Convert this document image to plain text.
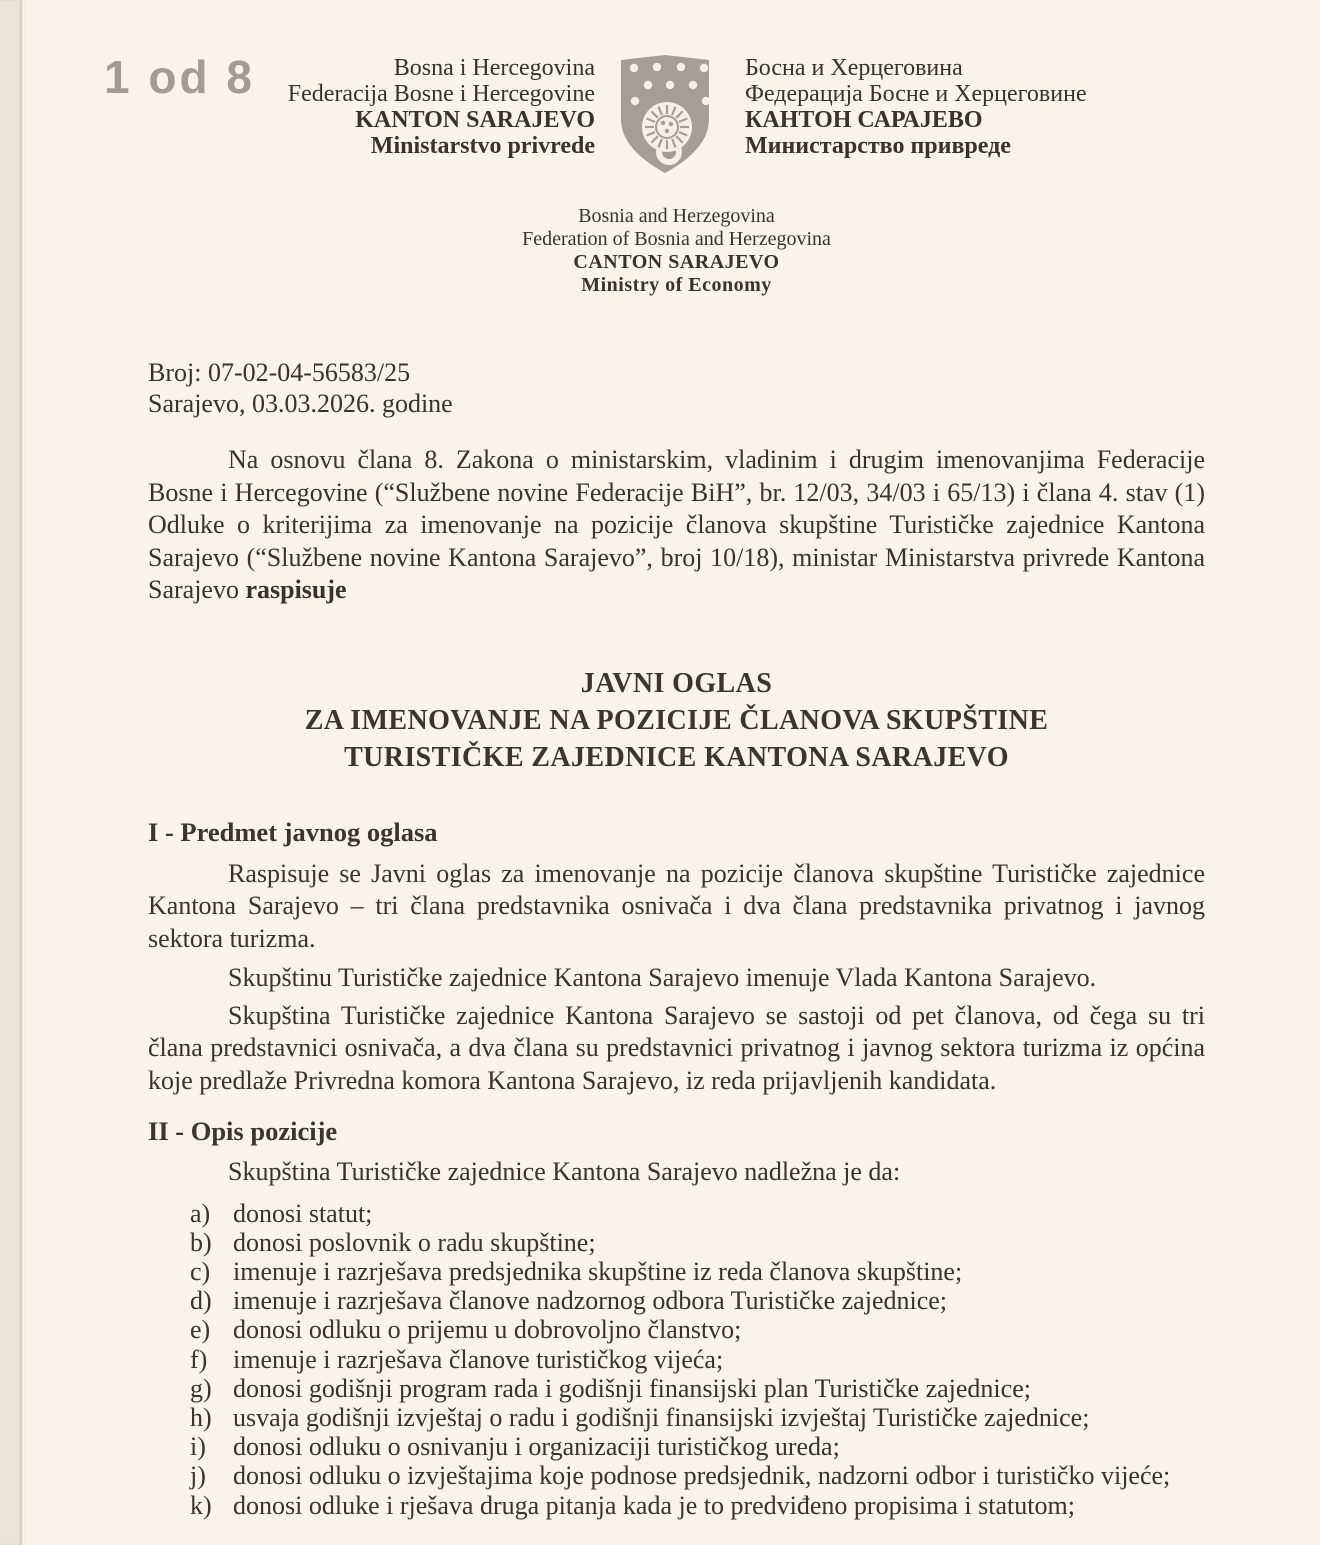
1 od 8	Bosna i Hercegovina
Federacija Bosne i Hercegovine
KANTON SARAJEVO
Ministarstvo privrede
Босна и Херцеговина
Федерација Босне и Херцеговине
КАНТОН САРАЈЕВО
Министарство привреде
Bosnia and Herzegovina
Federation of Bosnia and Herzegovina
CANTON SARAJEVO
Ministry of Economy
Broj: 07-02-04-56583/25
Sarajevo, 03.03.2026. godine

Na osnovu člana 8. Zakona o ministarskim, vladinim i drugim imenovanjima Federacije Bosne i Hercegovine (“Službene novine Federacije BiH”, br. 12/03, 34/03 i 65/13) i člana 4. stav (1) Odluke o kriterijima za imenovanje na pozicije članova skupštine Turističke zajednice Kantona Sarajevo (“Službene novine Kantona Sarajevo”, broj 10/18), ministar Ministarstva privrede Kantona Sarajevo raspisuje

JAVNI OGLAS
ZA IMENOVANJE NA POZICIJE ČLANOVA SKUPŠTINE
TURISTIČKE ZAJEDNICE KANTONA SARAJEVO
I - Predmet javnog oglasa

Raspisuje se Javni oglas za imenovanje na pozicije članova skupštine Turističke zajednice Kantona Sarajevo – tri člana predstavnika osnivača i dva člana predstavnika privatnog i javnog sektora turizma.

Skupštinu Turističke zajednice Kantona Sarajevo imenuje Vlada Kantona Sarajevo.

Skupština Turističke zajednice Kantona Sarajevo se sastoji od pet članova, od čega su tri člana predstavnici osnivača, a dva člana su predstavnici privatnog i javnog sektora turizma iz općina koje predlaže Privredna komora Kantona Sarajevo, iz reda prijavljenih kandidata.

II - Opis pozicije

Skupština Turističke zajednice Kantona Sarajevo nadležna je da:

a) donosi statut;
b) donosi poslovnik o radu skupštine;
c) imenuje i razrješava predsjednika skupštine iz reda članova skupštine;
d) imenuje i razrješava članove nadzornog odbora Turističke zajednice;
e) donosi odluku o prijemu u dobrovoljno članstvo;
f) imenuje i razrješava članove turističkog vijeća;
g) donosi godišnji program rada i godišnji finansijski plan Turističke zajednice;
h) usvaja godišnji izvještaj o radu i godišnji finansijski izvještaj Turističke zajednice;
i) donosi odluku o osnivanju i organizaciji turističkog ureda;
j) donosi odluku o izvještajima koje podnose predsjednik, nadzorni odbor i turističko vijeće;
k) donosi odluke i rješava druga pitanja kada je to predviđeno propisima i statutom;
